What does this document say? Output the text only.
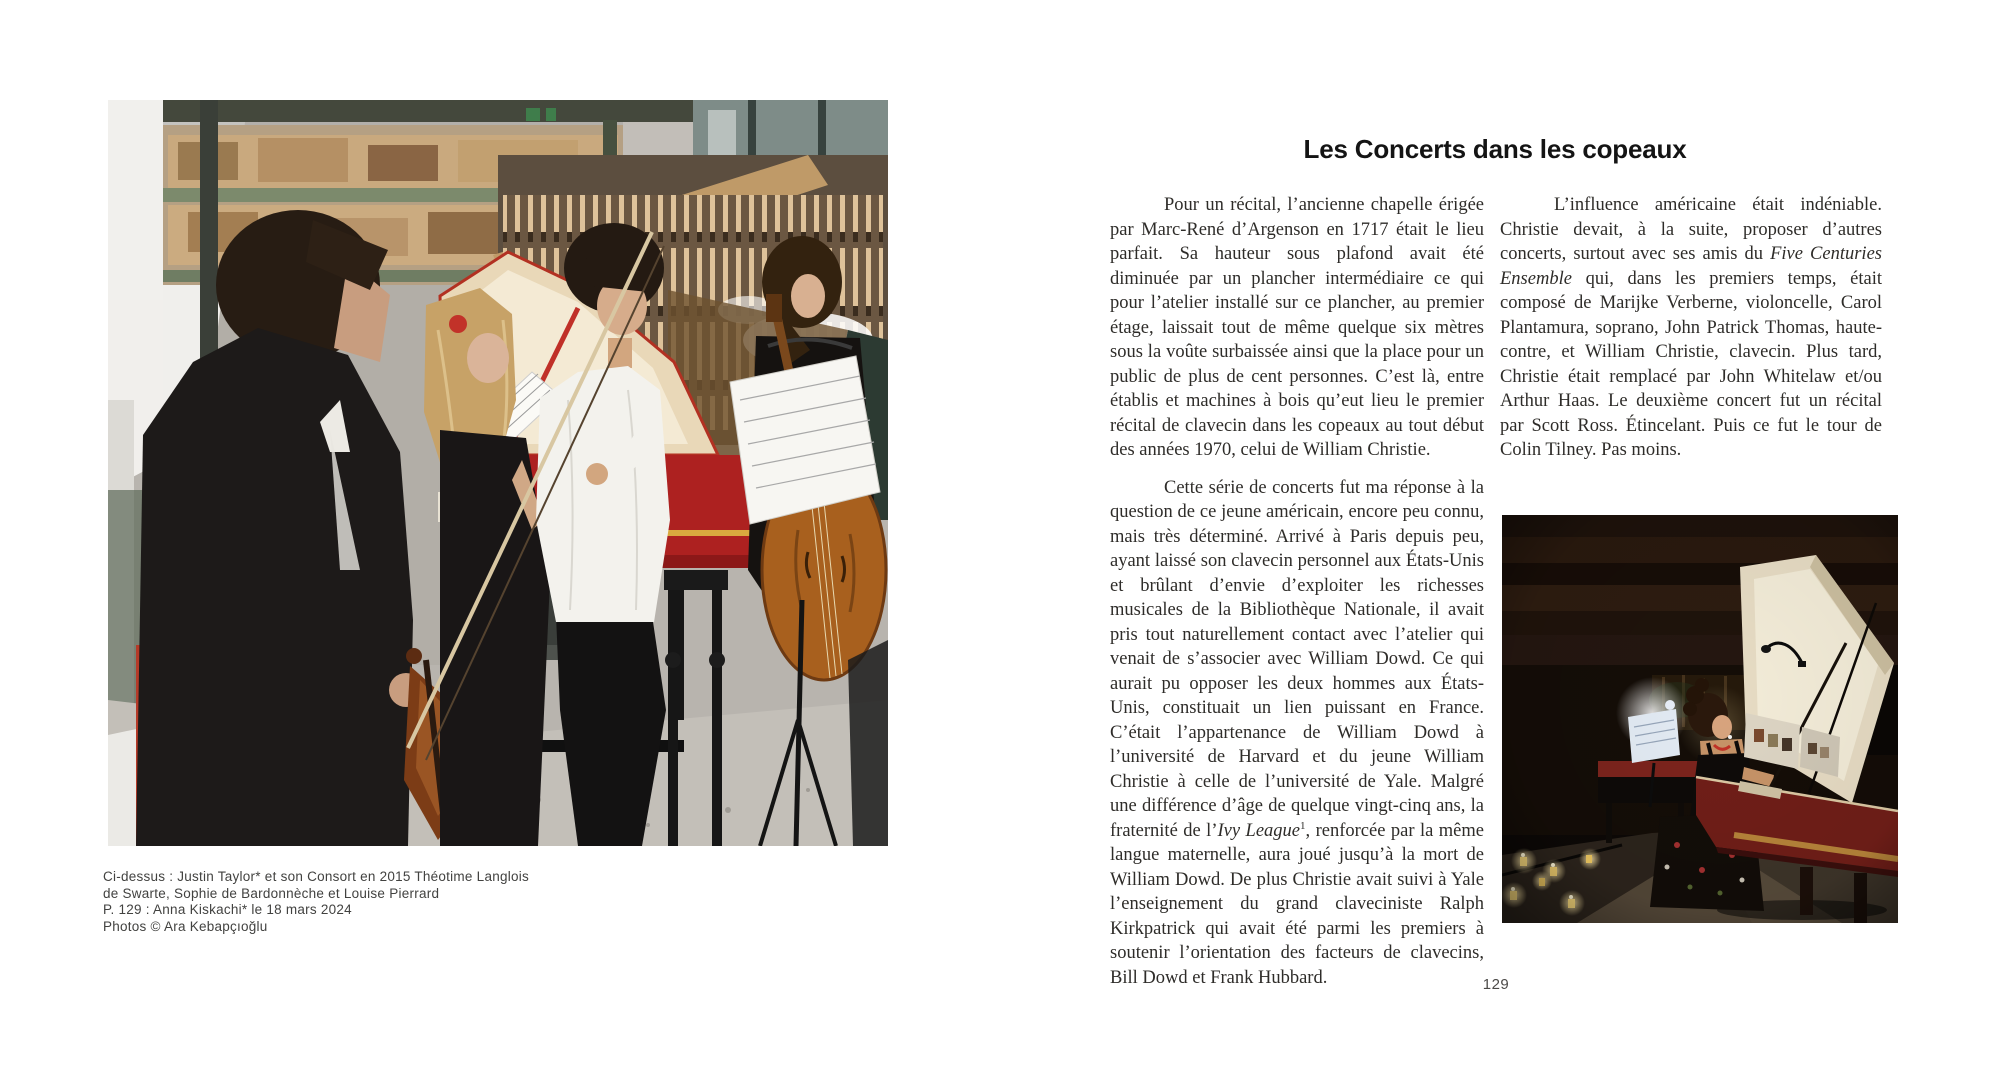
Ci-dessus : Justin Taylor* et son Consort en 2015 Théotime Langlois
de Swarte, Sophie de Bardonnèche et Louise Pierrard
P. 129 : Anna Kiskachi* le 18 mars 2024
Photos © Ara Kebapçıoğlu
Les Concerts dans les copeaux

Pour un récital, l’ancienne chapelle érigée par Marc-René d’Argenson en 1717 était le lieu parfait. Sa hauteur sous plafond avait été diminuée par un plancher intermédiaire ce qui pour l’atelier installé sur ce plancher, au premier étage, laissait tout de même quelque six mètres sous la voûte surbaissée ainsi que la place pour un public de plus de cent personnes. C’est là, entre établis et machines à bois qu’eut lieu le premier récital de clavecin dans les copeaux au tout début des années 1970, celui de William Christie.

Cette série de concerts fut ma réponse à la question de ce jeune américain, encore peu connu, mais très déterminé. Arrivé à Paris depuis peu, ayant laissé son clavecin personnel aux États-Unis et brûlant d’envie d’exploiter les richesses musicales de la Bibliothèque Nationale, il avait pris tout naturellement contact avec l’atelier qui venait de s’associer avec William Dowd. Ce qui aurait pu opposer les deux hommes aux États-Unis, constituait un lien puissant en France. C’était l’appartenance de William Dowd à l’université de Harvard et du jeune William Christie à celle de l’université de Yale. Malgré une différence d’âge de quelque vingt-cinq ans, la fraternité de l’Ivy League$^1$, renforcée par la même langue maternelle, aura joué jusqu’à la mort de William Dowd. De plus Christie avait suivi à Yale l’enseignement du grand claveciniste Ralph Kirkpatrick qui avait été parmi les premiers à soutenir l’orientation des facteurs de clavecins, Bill Dowd et Frank Hubbard.

L’influence américaine était indéniable. Christie devait, à la suite, proposer d’autres concerts, surtout avec ses amis du Five Centuries Ensemble qui, dans les premiers temps, était composé de Marijke Verberne, violoncelle, Carol Plantamura, soprano, John Patrick Thomas, haute-contre, et William Christie, clavecin. Plus tard, Christie était remplacé par John Whitelaw et/ou Arthur Haas. Le deuxième concert fut un récital par Scott Ross. Étincelant. Puis ce fut le tour de Colin Tilney. Pas moins.

129
